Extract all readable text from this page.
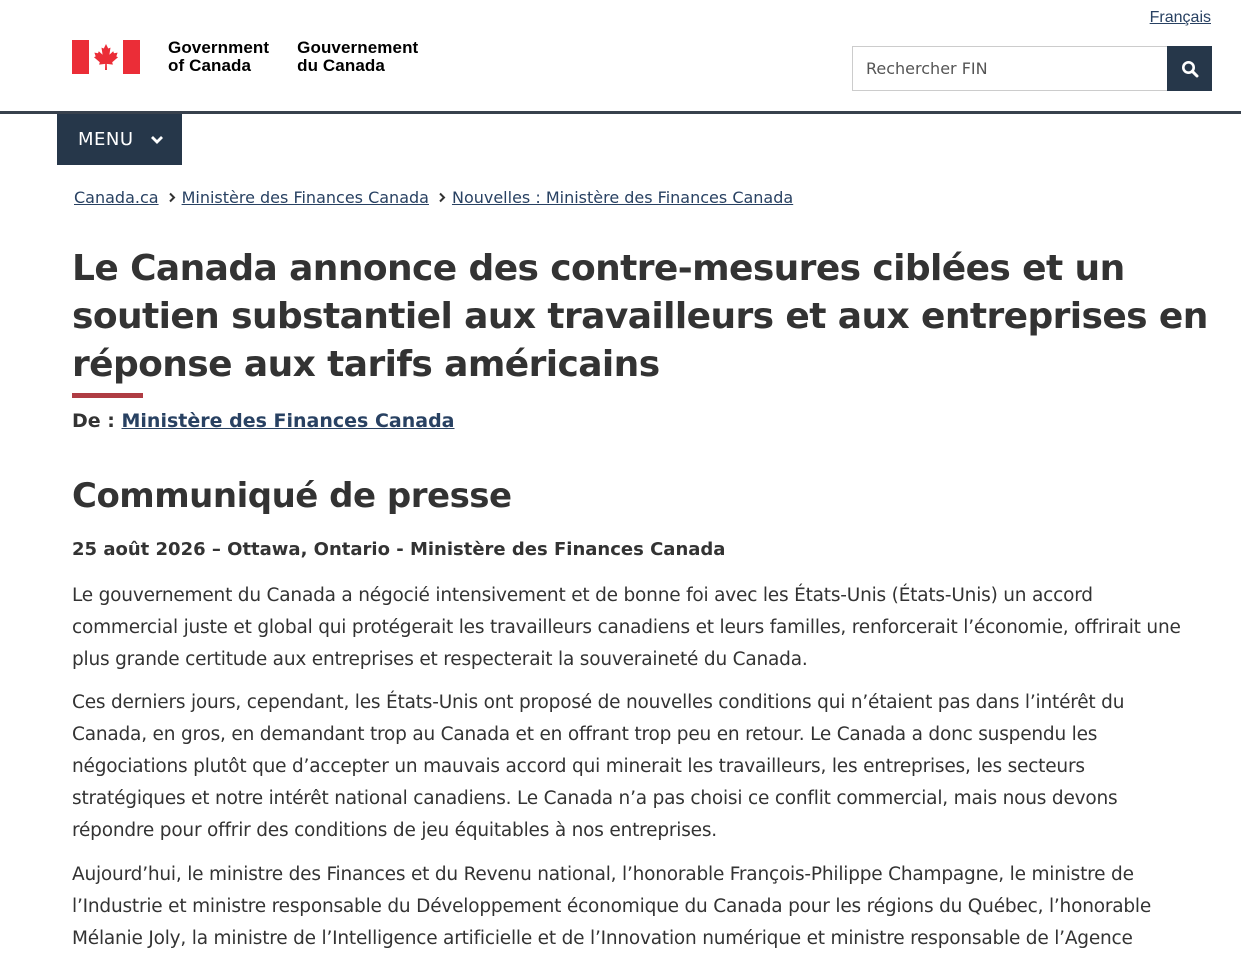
Français
Government
of Canada
Gouvernement
du Canada
Rechercher FIN
MENU
Canada.ca Ministère des Finances Canada Nouvelles : Ministère des Finances Canada
Le Canada annonce des contre-mesures ciblées et un soutien substantiel aux travailleurs et aux entreprises en réponse aux tarifs américains
De : Ministère des Finances Canada
Communiqué de presse

25 août 2026 – Ottawa, Ontario - Ministère des Finances Canada

Le gouvernement du Canada a négocié intensivement et de bonne foi avec les États-Unis (États-Unis) un accord commercial juste et global qui protégerait les travailleurs canadiens et leurs familles, renforcerait l’économie, offrirait une plus grande certitude aux entreprises et respecterait la souveraineté du Canada.

Ces derniers jours, cependant, les États-Unis ont proposé de nouvelles conditions qui n’étaient pas dans l’intérêt du Canada, en gros, en demandant trop au Canada et en offrant trop peu en retour. Le Canada a donc suspendu les négociations plutôt que d’accepter un mauvais accord qui minerait les travailleurs, les entreprises, les secteurs stratégiques et notre intérêt national canadiens. Le Canada n’a pas choisi ce conflit commercial, mais nous devons répondre pour offrir des conditions de jeu équitables à nos entreprises.

Aujourd’hui, le ministre des Finances et du Revenu national, l’honorable François-Philippe Champagne, le ministre de l’Industrie et ministre responsable du Développement économique du Canada pour les régions du Québec, l’honorable Mélanie Joly, la ministre de l’Intelligence artificielle et de l’Innovation numérique et ministre responsable de l’Agence
